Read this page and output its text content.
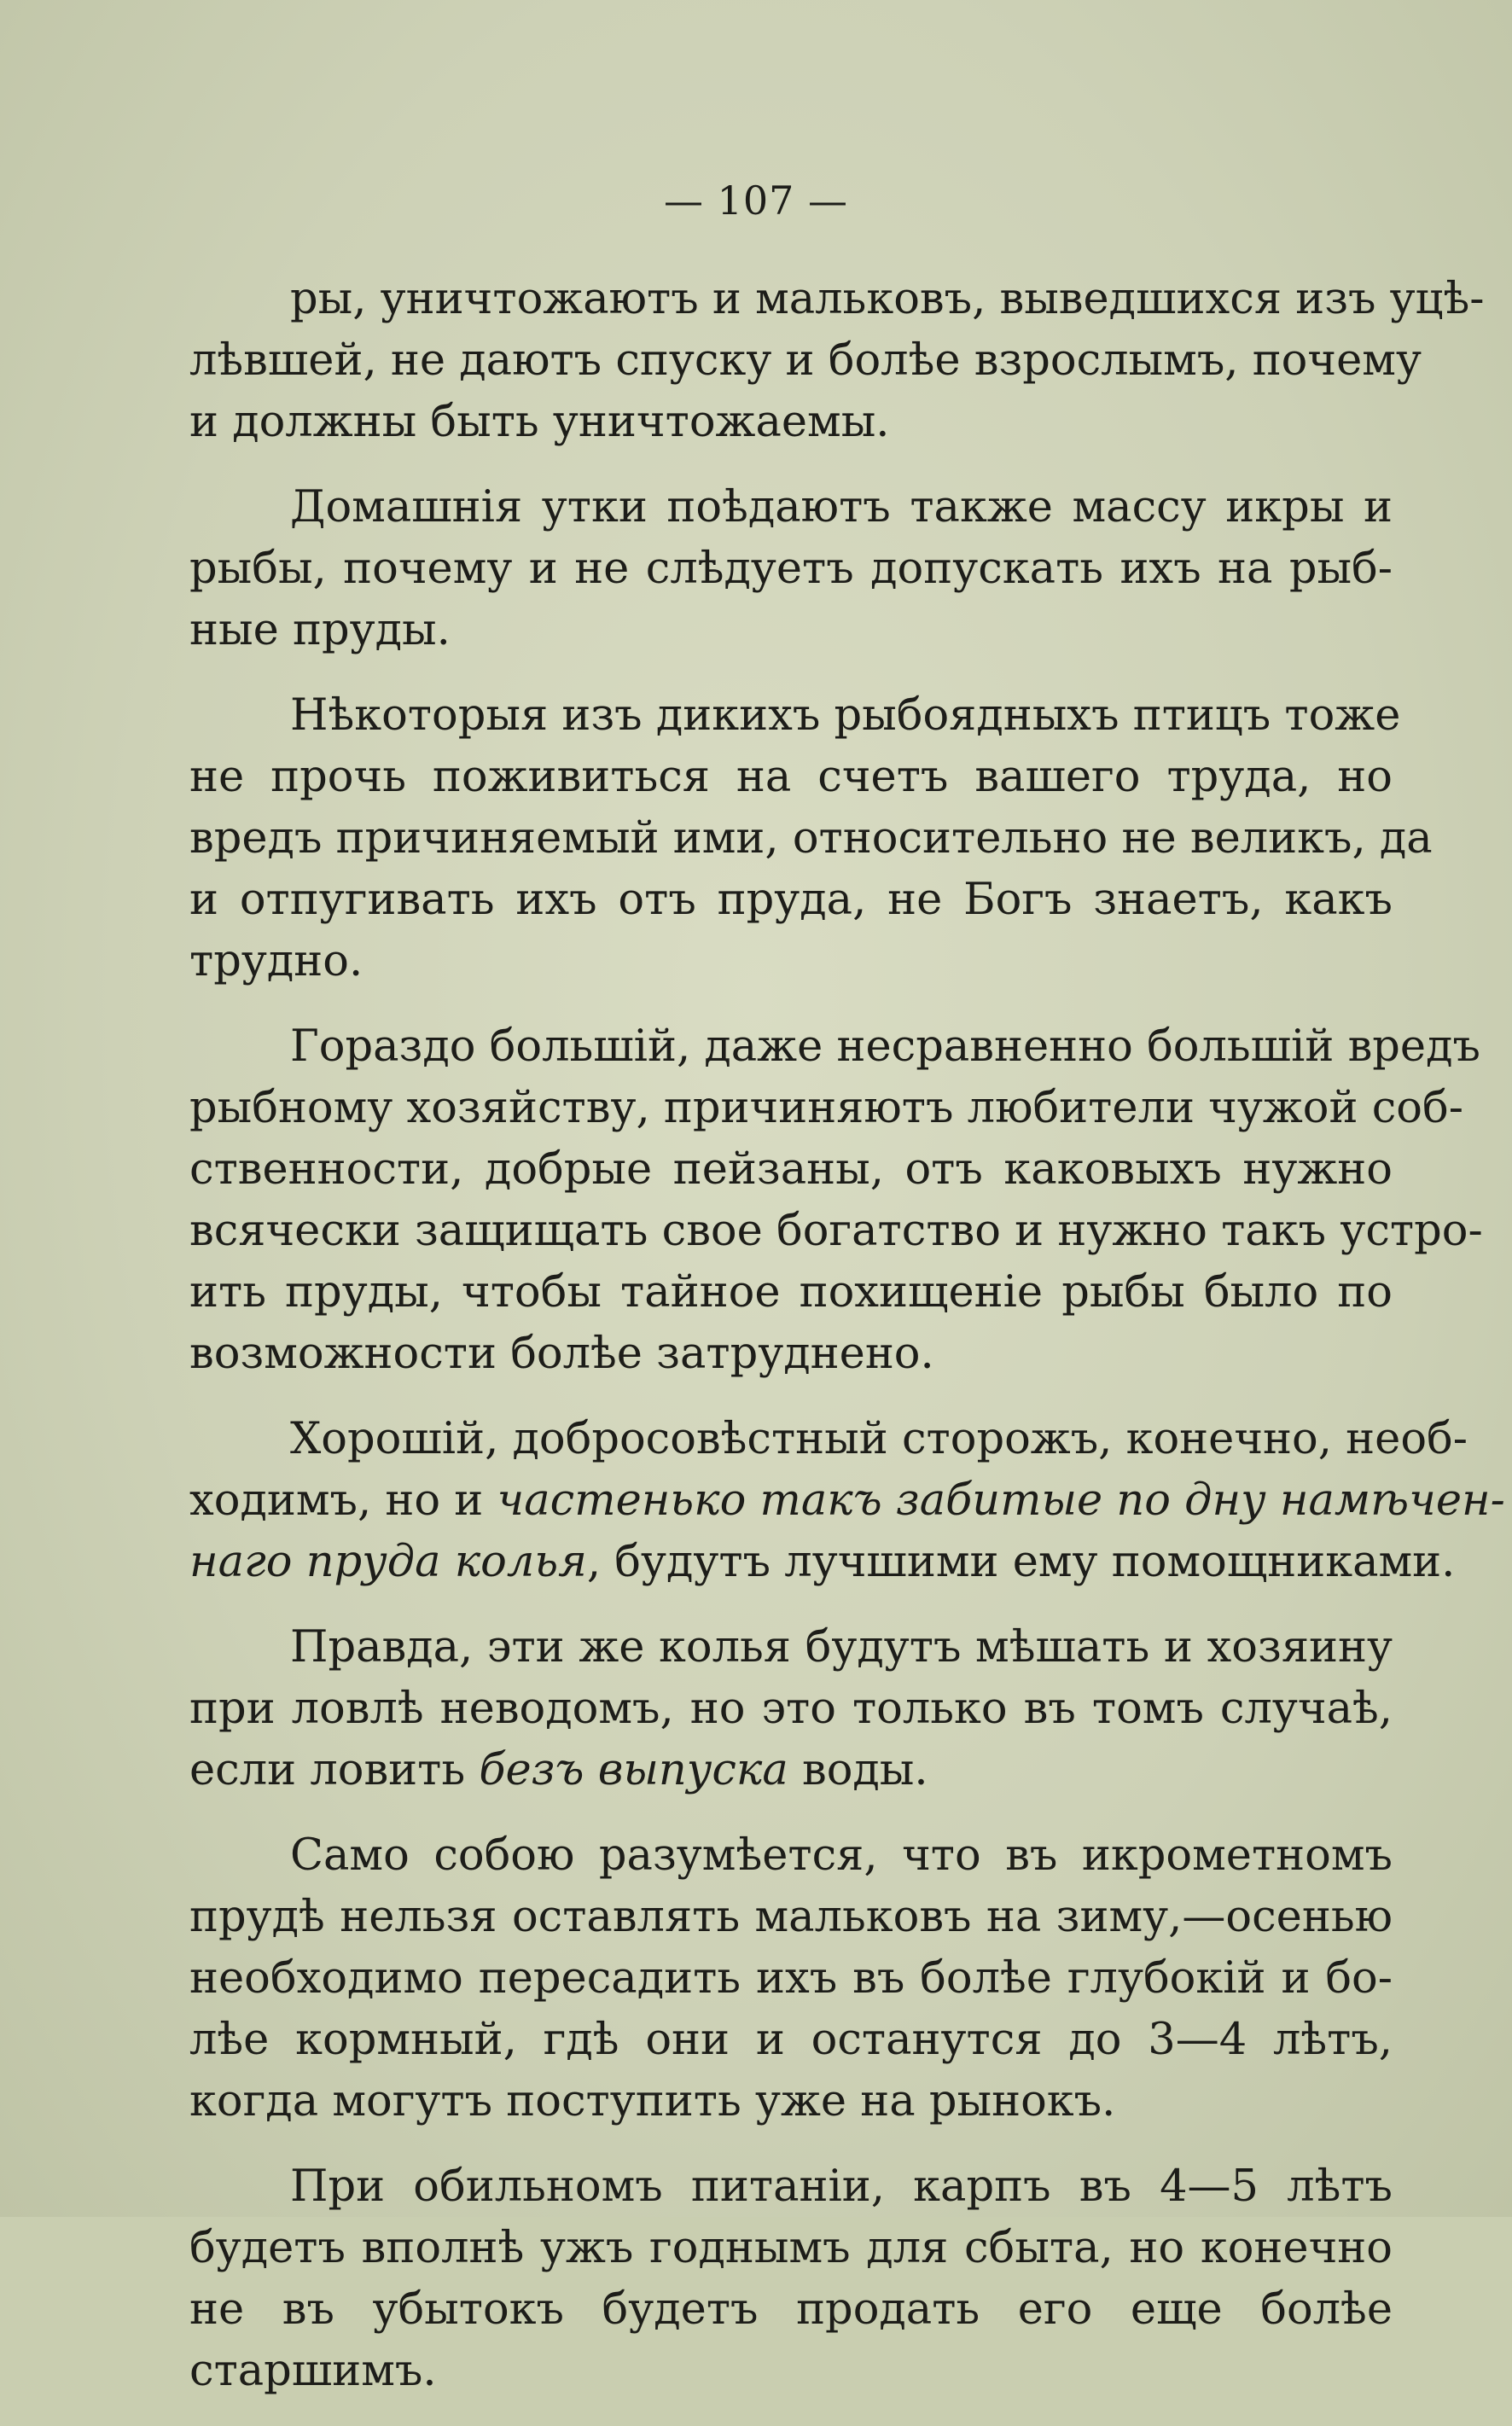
— 107 —
ры, уничтожаютъ и мальковъ, выведшихся изъ уцѣ-
лѣвшей, не даютъ спуску и болѣе взрослымъ, почему
и должны быть уничтожаемы.
Домашнія утки поѣдаютъ также массу икры и
рыбы, почему и не слѣдуетъ допускать ихъ на рыб-
ные пруды.
Нѣкоторыя изъ дикихъ рыбоядныхъ птицъ тоже
не прочь поживиться на счетъ вашего труда, но
вредъ причиняемый ими, относительно не великъ, да
и отпугивать ихъ отъ пруда, не Богъ знаетъ, какъ
трудно.
Гораздо большій, даже несравненно большій вредъ
рыбному хозяйству, причиняютъ любители чужой соб-
ственности, добрые пейзаны, отъ каковыхъ нужно
всячески защищать свое богатство и нужно такъ устро-
ить пруды, чтобы тайное похищеніе рыбы было по
возможности болѣе затруднено.
Хорошій, добросовѣстный сторожъ, конечно, необ-
ходимъ, но и частенько такъ забитые по дну намѣчен-
наго пруда колья, будутъ лучшими ему помощниками.
Правда, эти же колья будутъ мѣшать и хозяину
при ловлѣ неводомъ, но это только въ томъ случаѣ,
если ловить безъ выпуска воды.
Само собою разумѣется, что въ икрометномъ
прудѣ нельзя оставлять мальковъ на зиму,—осенью
необходимо пересадить ихъ въ болѣе глубокій и бо-
лѣе кормный, гдѣ они и останутся до 3—4 лѣтъ,
когда могутъ поступить уже на рынокъ.
При обильномъ питаніи, карпъ въ 4—5 лѣтъ
будетъ вполнѣ ужъ годнымъ для сбыта, но конечно
не въ убытокъ будетъ продать его еще болѣе
старшимъ.
